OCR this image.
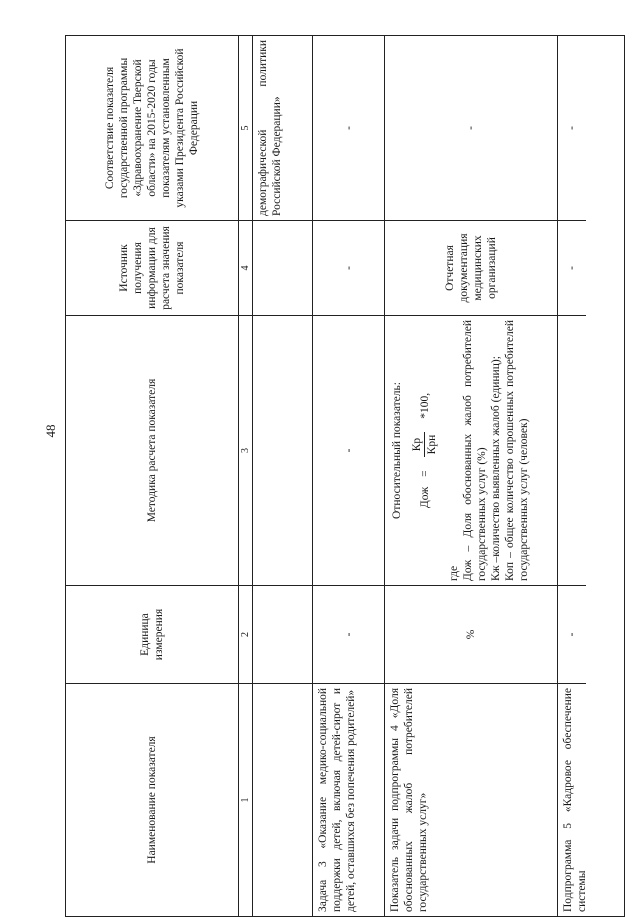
48
Наименование показателя
Единица измерения
Методика расчета показателя
Источник получения информации для расчета значения показателя
Соответствие показателя государственной программы «Здравоохранение Тверской области» на 2015-2020 годы показателям установленным указами Президента Российской Федерации
1
2
3
4
5 демографической политики Российской Федерации»
Задача 3 «Оказание медико-социальной поддержки детей, включая детей-сирот и детей, оставшихся без попечения родителей»
-
-
-
-
Показатель задачи подпрограммы 4 «Доля обоснованных жалоб потребителей государственных услуг»
%
Относительный показатель: Дож
=
Кр Крн
*100,
где Дож – Доля обоснованных жалоб потребителей государственных услуг (%) Кж –количество выявленных жалоб (единиц); Коп – общее количество опрошенных потребителей государственных услуг (человек)
Отчетная документация медицинских организаций
-
Подпрограмма 5 «Кадровое обеспечение системы
-
-
-
